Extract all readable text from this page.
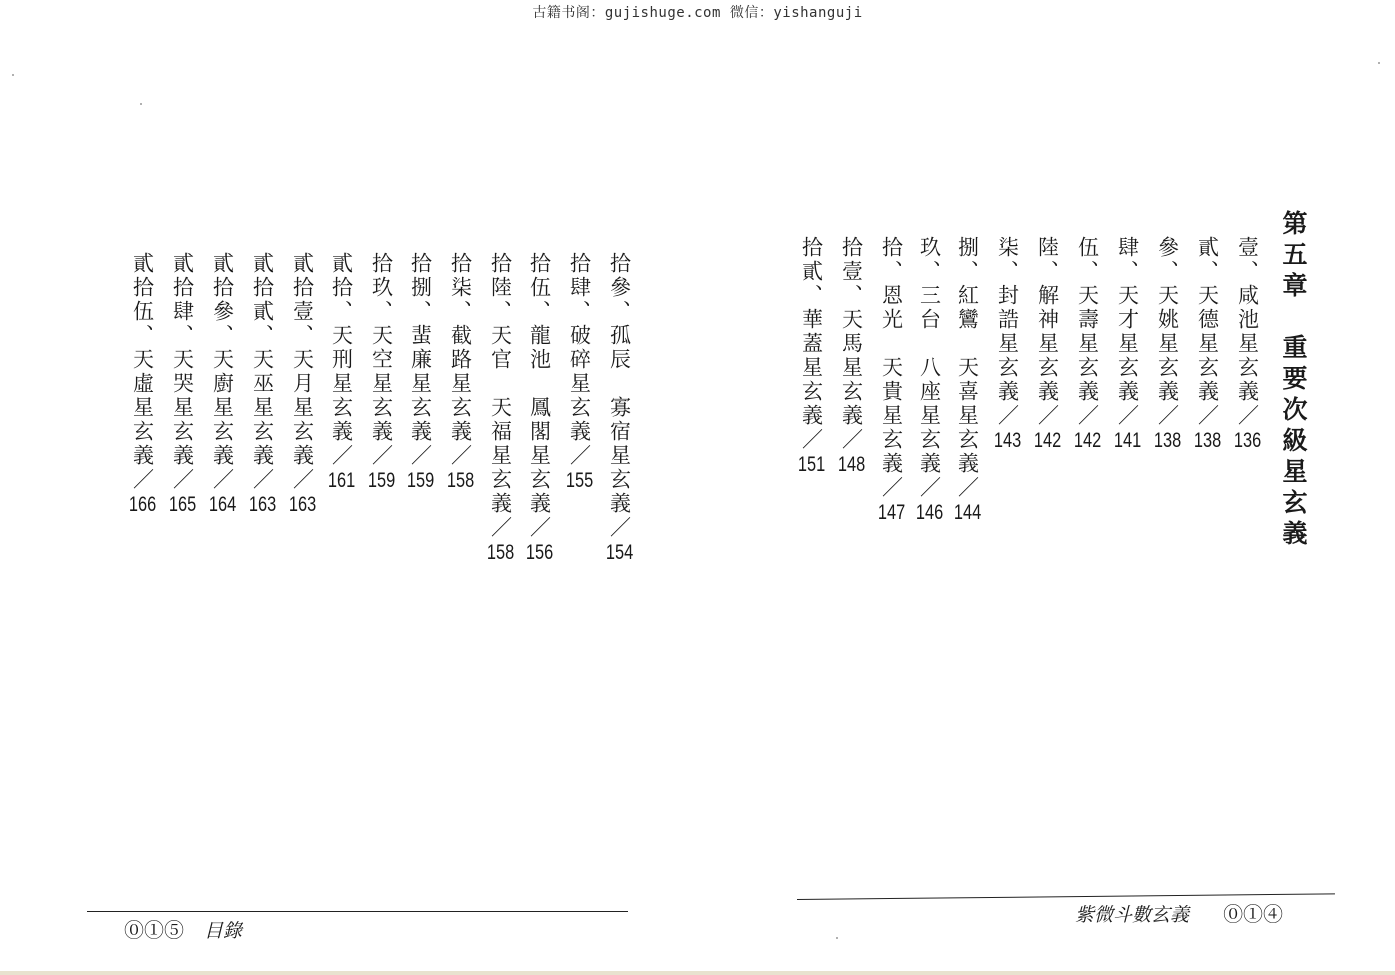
古籍书阁：gujishuge.com 微信：yishanguji
第五章　重要次級星玄義
壹、咸池星玄義／136
貳、天德星玄義／138
參、天姚星玄義／138
肆、天才星玄義／141
伍、天壽星玄義／142
陸、解神星玄義／142
柒、封誥星玄義／143
捌、紅鸞　天喜星玄義／144
玖、三台　八座星玄義／146
拾、恩光　天貴星玄義／147
拾壹、天馬星玄義／148
拾貳、華蓋星玄義／151
拾參、孤辰　寡宿星玄義／154
拾肆、破碎星玄義／155
拾伍、龍池　鳳閣星玄義／156
拾陸、天官　天福星玄義／158
拾柒、截路星玄義／158
拾捌、蜚廉星玄義／159
拾玖、天空星玄義／159
貳拾、天刑星玄義／161
貳拾壹、天月星玄義／163
貳拾貳、天巫星玄義／163
貳拾參、天廚星玄義／164
貳拾肆、天哭星玄義／165
貳拾伍、天虛星玄義／166
紫微斗數玄義 ⓪①④
⓪①⑤ 目錄
